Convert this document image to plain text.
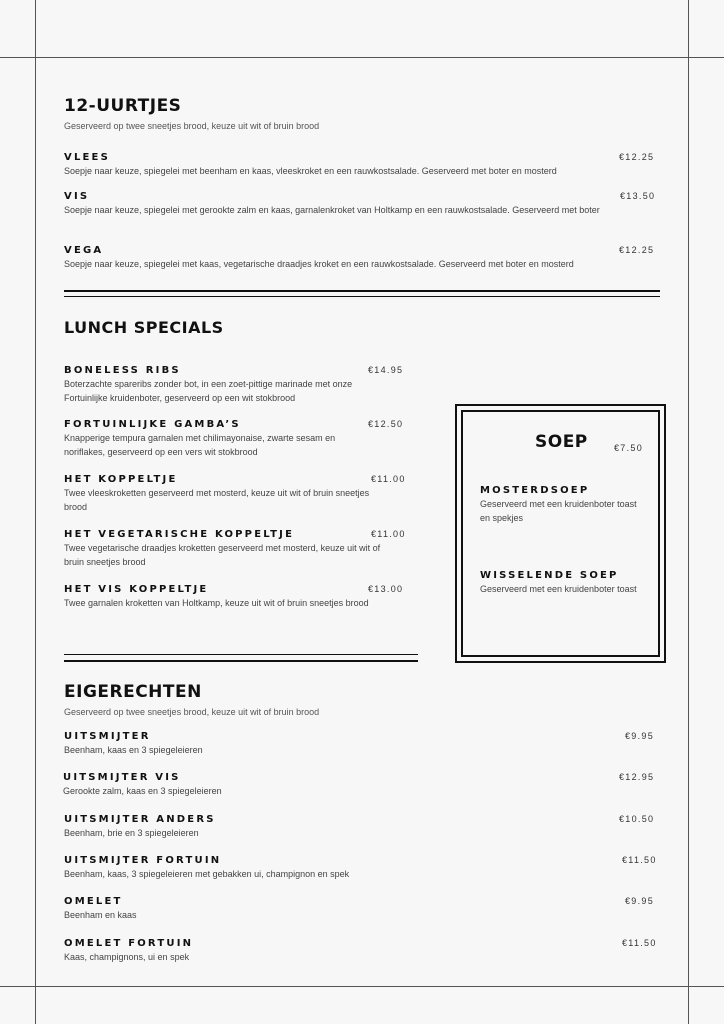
12-UURTJES
Geserveerd op twee sneetjes brood, keuze uit wit of bruin brood
VLEES
Soepje naar keuze, spiegelei met beenham en kaas, vleeskroket en een rauwkostsalade. Geserveerd met boter en mosterd
€12.25
VIS
Soepje naar keuze, spiegelei met gerookte zalm en kaas, garnalenkroket van Holtkamp en een rauwkostsalade. Geserveerd met boter
€13.50
VEGA
Soepje naar keuze, spiegelei met kaas, vegetarische draadjes kroket en een rauwkostsalade. Geserveerd met boter en mosterd
€12.25
LUNCH SPECIALS
BONELESS RIBS
Boterzachte spareribs zonder bot, in een zoet-pittige marinade met onze Fortuinlijke kruidenboter, geserveerd op een wit stokbrood
€14.95
FORTUINLIJKE GAMBA’S
Knapperige tempura garnalen met chilimayonaise, zwarte sesam en noriflakes, geserveerd op een vers wit stokbrood
€12.50
HET KOPPELTJE
Twee vleeskroketten geserveerd met mosterd, keuze uit wit of bruin sneetjes brood
€11.00
HET VEGETARISCHE KOPPELTJE
Twee vegetarische draadjes kroketten geserveerd met mosterd, keuze uit wit of bruin sneetjes brood
€11.00
HET VIS KOPPELTJE
Twee garnalen kroketten van Holtkamp, keuze uit wit of bruin sneetjes brood
€13.00
SOEP	€7.50
MOSTERDSOEP
Geserveerd met een kruidenboter toast en spekjes
WISSELENDE SOEP
Geserveerd met een kruidenboter toast
EIGERECHTEN
Geserveerd op twee sneetjes brood, keuze uit wit of bruin brood
UITSMIJTER
Beenham, kaas en 3 spiegeleieren
€9.95
UITSMIJTER VIS
Gerookte zalm, kaas en 3 spiegeleieren
€12.95
UITSMIJTER ANDERS
Beenham, brie en 3 spiegeleieren
€10.50
UITSMIJTER FORTUIN
Beenham, kaas, 3 spiegeleieren met gebakken ui, champignon en spek
€11.50
OMELET
Beenham en kaas
€9.95
OMELET FORTUIN
Kaas, champignons, ui en spek
€11.50
